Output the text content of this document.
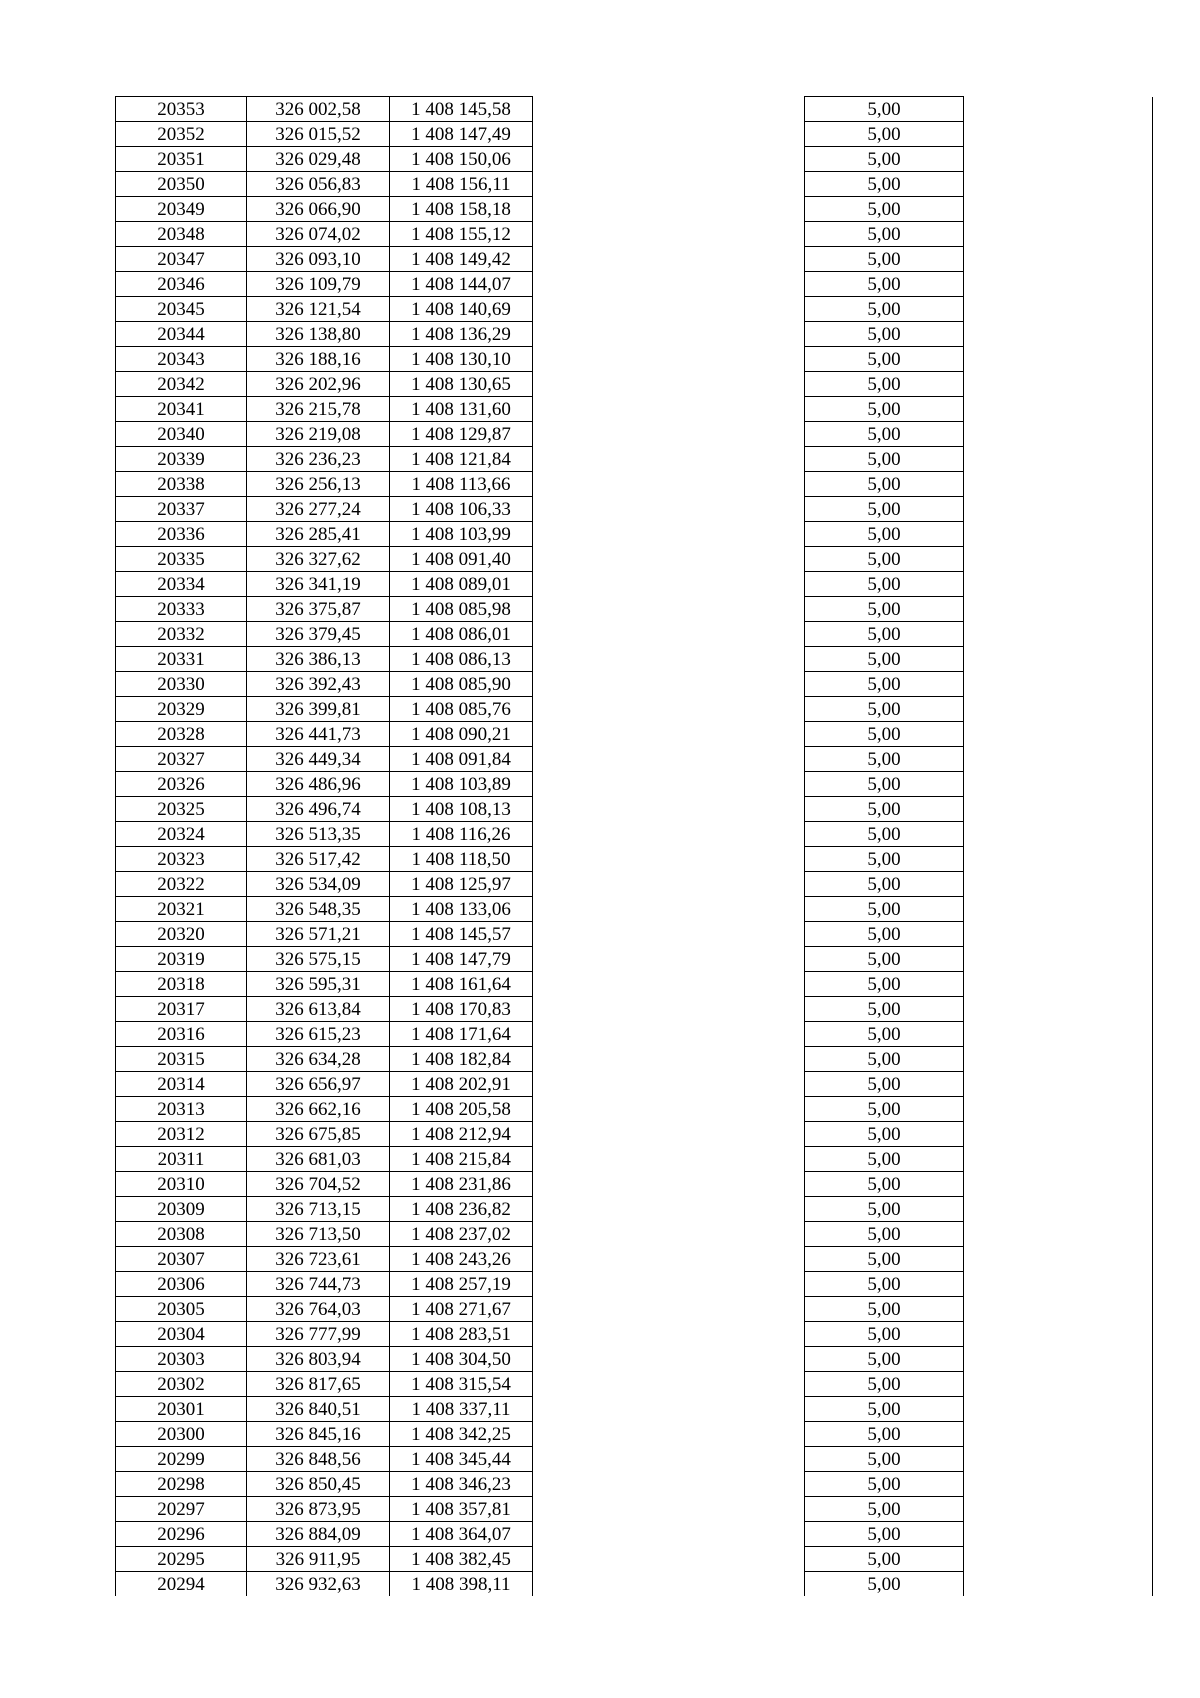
20353	326 002,58	1 408 145,58		5,00	
20352	326 015,52	1 408 147,49		5,00	
20351	326 029,48	1 408 150,06		5,00	
20350	326 056,83	1 408 156,11		5,00	
20349	326 066,90	1 408 158,18		5,00	
20348	326 074,02	1 408 155,12		5,00	
20347	326 093,10	1 408 149,42		5,00	
20346	326 109,79	1 408 144,07		5,00	
20345	326 121,54	1 408 140,69		5,00	
20344	326 138,80	1 408 136,29		5,00	
20343	326 188,16	1 408 130,10		5,00	
20342	326 202,96	1 408 130,65		5,00	
20341	326 215,78	1 408 131,60		5,00	
20340	326 219,08	1 408 129,87		5,00	
20339	326 236,23	1 408 121,84		5,00	
20338	326 256,13	1 408 113,66		5,00	
20337	326 277,24	1 408 106,33		5,00	
20336	326 285,41	1 408 103,99		5,00	
20335	326 327,62	1 408 091,40		5,00	
20334	326 341,19	1 408 089,01		5,00	
20333	326 375,87	1 408 085,98		5,00	
20332	326 379,45	1 408 086,01		5,00	
20331	326 386,13	1 408 086,13		5,00	
20330	326 392,43	1 408 085,90		5,00	
20329	326 399,81	1 408 085,76		5,00	
20328	326 441,73	1 408 090,21		5,00	
20327	326 449,34	1 408 091,84		5,00	
20326	326 486,96	1 408 103,89		5,00	
20325	326 496,74	1 408 108,13		5,00	
20324	326 513,35	1 408 116,26		5,00	
20323	326 517,42	1 408 118,50		5,00	
20322	326 534,09	1 408 125,97		5,00	
20321	326 548,35	1 408 133,06		5,00	
20320	326 571,21	1 408 145,57		5,00	
20319	326 575,15	1 408 147,79		5,00	
20318	326 595,31	1 408 161,64		5,00	
20317	326 613,84	1 408 170,83		5,00	
20316	326 615,23	1 408 171,64		5,00	
20315	326 634,28	1 408 182,84		5,00	
20314	326 656,97	1 408 202,91		5,00	
20313	326 662,16	1 408 205,58		5,00	
20312	326 675,85	1 408 212,94		5,00	
20311	326 681,03	1 408 215,84		5,00	
20310	326 704,52	1 408 231,86		5,00	
20309	326 713,15	1 408 236,82		5,00	
20308	326 713,50	1 408 237,02		5,00	
20307	326 723,61	1 408 243,26		5,00	
20306	326 744,73	1 408 257,19		5,00	
20305	326 764,03	1 408 271,67		5,00	
20304	326 777,99	1 408 283,51		5,00	
20303	326 803,94	1 408 304,50		5,00	
20302	326 817,65	1 408 315,54		5,00	
20301	326 840,51	1 408 337,11		5,00	
20300	326 845,16	1 408 342,25		5,00	
20299	326 848,56	1 408 345,44		5,00	
20298	326 850,45	1 408 346,23		5,00	
20297	326 873,95	1 408 357,81		5,00	
20296	326 884,09	1 408 364,07		5,00	
20295	326 911,95	1 408 382,45		5,00	
20294	326 932,63	1 408 398,11		5,00	
